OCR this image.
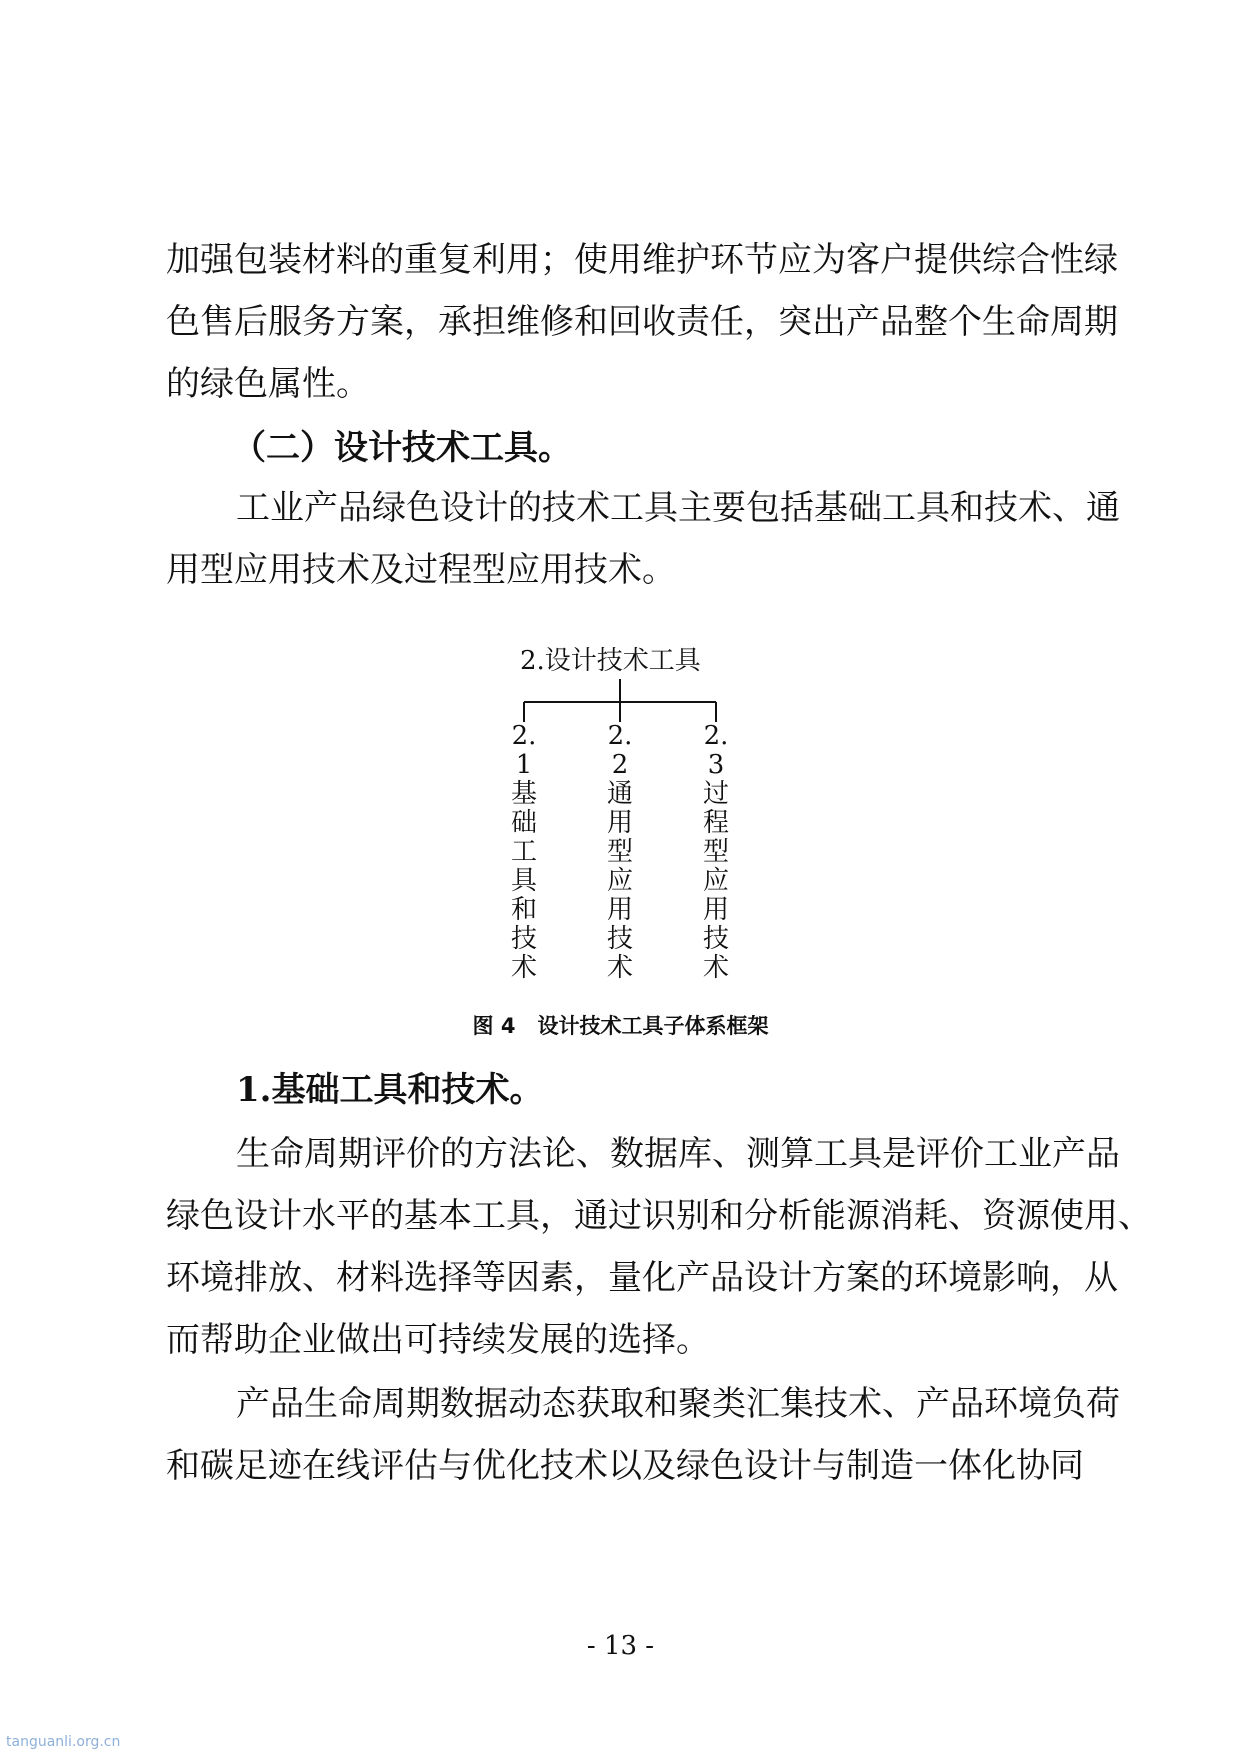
加强包装材料的重复利用；使用维护环节应为客户提供综合性绿

色售后服务方案，承担维修和回收责任，突出产品整个生命周期

的绿色属性。

（二）设计技术工具。

工业产品绿色设计的技术工具主要包括基础工具和技术、通

用型应用技术及过程型应用技术。

2.设计技术工具
2.1基础工具和技术
2.2通用型应用技术
2.3过程型应用技术
图 4 设计技术工具子体系框架
1.基础工具和技术。

生命周期评价的方法论、数据库、测算工具是评价工业产品

绿色设计水平的基本工具，通过识别和分析能源消耗、资源使用、

环境排放、材料选择等因素，量化产品设计方案的环境影响，从

而帮助企业做出可持续发展的选择。

产品生命周期数据动态获取和聚类汇集技术、产品环境负荷

和碳足迹在线评估与优化技术以及绿色设计与制造一体化协同

- 13 -
tanguanli.org.cn
